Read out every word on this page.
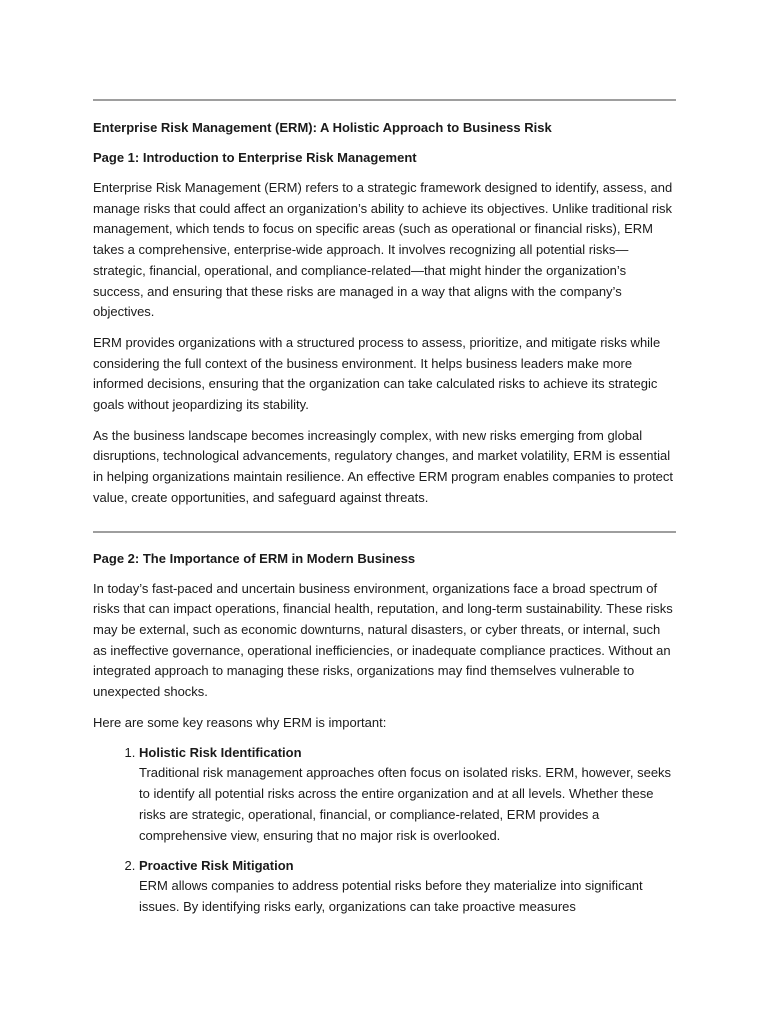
Enterprise Risk Management (ERM): A Holistic Approach to Business Risk
Page 1: Introduction to Enterprise Risk Management

Enterprise Risk Management (ERM) refers to a strategic framework designed to identify, assess, and manage risks that could affect an organization’s ability to achieve its objectives. Unlike traditional risk management, which tends to focus on specific areas (such as operational or financial risks), ERM takes a comprehensive, enterprise-wide approach. It involves recognizing all potential risks—strategic, financial, operational, and compliance-related—that might hinder the organization’s success, and ensuring that these risks are managed in a way that aligns with the company’s objectives.

ERM provides organizations with a structured process to assess, prioritize, and mitigate risks while considering the full context of the business environment. It helps business leaders make more informed decisions, ensuring that the organization can take calculated risks to achieve its strategic goals without jeopardizing its stability.

As the business landscape becomes increasingly complex, with new risks emerging from global disruptions, technological advancements, regulatory changes, and market volatility, ERM is essential in helping organizations maintain resilience. An effective ERM program enables companies to protect value, create opportunities, and safeguard against threats.

Page 2: The Importance of ERM in Modern Business

In today’s fast-paced and uncertain business environment, organizations face a broad spectrum of risks that can impact operations, financial health, reputation, and long-term sustainability. These risks may be external, such as economic downturns, natural disasters, or cyber threats, or internal, such as ineffective governance, operational inefficiencies, or inadequate compliance practices. Without an integrated approach to managing these risks, organizations may find themselves vulnerable to unexpected shocks.

Here are some key reasons why ERM is important:

1. Holistic Risk Identification
Traditional risk management approaches often focus on isolated risks. ERM, however, seeks to identify all potential risks across the entire organization and at all levels. Whether these risks are strategic, operational, financial, or compliance-related, ERM provides a comprehensive view, ensuring that no major risk is overlooked.
2. Proactive Risk Mitigation
ERM allows companies to address potential risks before they materialize into significant issues. By identifying risks early, organizations can take proactive measures
